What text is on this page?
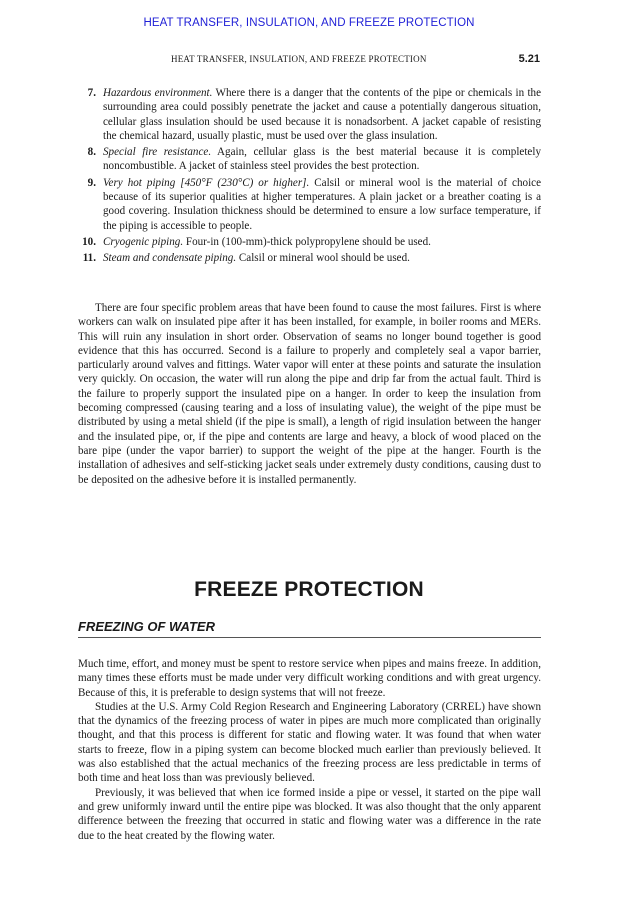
HEAT TRANSFER, INSULATION, AND FREEZE PROTECTION
HEAT TRANSFER, INSULATION, AND FREEZE PROTECTION	5.21
7. Hazardous environment. Where there is a danger that the contents of the pipe or chemicals in the surrounding area could possibly penetrate the jacket and cause a potentially dangerous situation, cellular glass insulation should be used because it is nonadsorbent. A jacket capable of resisting the chemical hazard, usually plastic, must be used over the glass insulation.
8. Special fire resistance. Again, cellular glass is the best material because it is completely noncombustible. A jacket of stainless steel provides the best protection.
9. Very hot piping [450°F (230°C) or higher]. Calsil or mineral wool is the material of choice because of its superior qualities at higher temperatures. A plain jacket or a breather coating is a good covering. Insulation thickness should be determined to ensure a low surface temperature, if the piping is accessible to people.
10. Cryogenic piping. Four-in (100-mm)-thick polypropylene should be used.
11. Steam and condensate piping. Calsil or mineral wool should be used.

There are four specific problem areas that have been found to cause the most failures. First is where workers can walk on insulated pipe after it has been installed, for example, in boiler rooms and MERs. This will ruin any insulation in short order. Observation of seams no longer bound together is good evidence that this has occurred. Second is a failure to properly and completely seal a vapor barrier, particularly around valves and fittings. Water vapor will enter at these points and saturate the insulation very quickly. On occasion, the water will run along the pipe and drip far from the actual fault. Third is the failure to properly support the insulated pipe on a hanger. In order to keep the insulation from becoming compressed (causing tearing and a loss of insulating value), the weight of the pipe must be distributed by using a metal shield (if the pipe is small), a length of rigid insulation between the hanger and the insulated pipe, or, if the pipe and contents are large and heavy, a block of wood placed on the bare pipe (under the vapor barrier) to support the weight of the pipe at the hanger. Fourth is the installation of adhesives and self-sticking jacket seals under extremely dusty conditions, causing dust to be deposited on the adhesive before it is installed permanently.

FREEZE PROTECTION
FREEZING OF WATER

Much time, effort, and money must be spent to restore service when pipes and mains freeze. In addition, many times these efforts must be made under very difficult working conditions and with great urgency. Because of this, it is preferable to design systems that will not freeze.

Studies at the U.S. Army Cold Region Research and Engineering Laboratory (CRREL) have shown that the dynamics of the freezing process of water in pipes are much more complicated than originally thought, and that this process is different for static and flowing water. It was found that when water starts to freeze, flow in a piping system can become blocked much earlier than previously believed. It was also established that the actual mechanics of the freezing process are less predictable in terms of both time and heat loss than was previously believed.

Previously, it was believed that when ice formed inside a pipe or vessel, it started on the pipe wall and grew uniformly inward until the entire pipe was blocked. It was also thought that the only apparent difference between the freezing that occurred in static and flowing water was a difference in the rate due to the heat created by the flowing water.
